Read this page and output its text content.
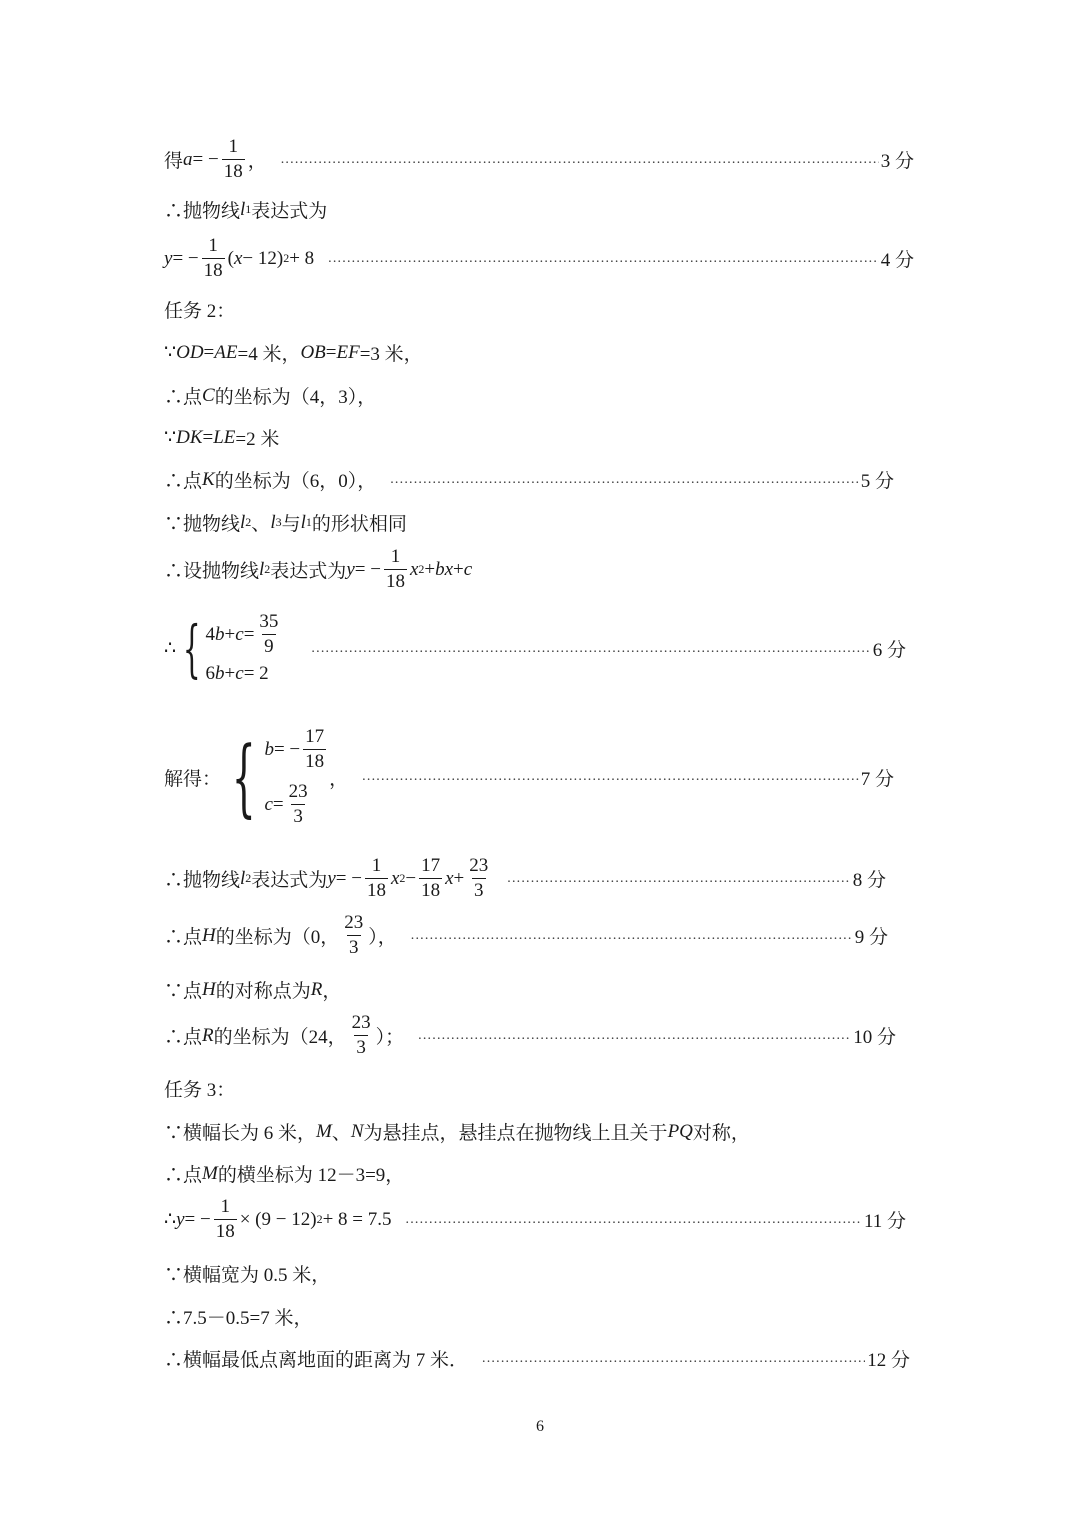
得 a = − $\frac{1}{18}$ ， .....	3 分
∴抛物线 l 1 表达式为
y = − $\frac{1}{18}$ ( x − 12) 2 + 8 .....	4 分
任务 2：
∵ OD = AE =4 米， OB = EF =3 米，
∴点 C 的坐标为（4，3），
∵ DK = LE =2 米
∴点 K 的坐标为（6，0）， .....	5 分
∵抛物线 l 2 、 l 3 与 l 1 的形状相同
∴设抛物线 l 2 表达式为 y = − $\frac{1}{18}$ x 2 + bx + c
∴ { 4 $b + c = \frac{35}{9}$
6 b + c = 2
.....
6 分
解得： { b = − $\frac{17}{18}$
$c = \frac{23}{3}$
， .....	7 分
∴抛物线 l 2 表达式为 y = − $\frac{1}{18}$ x $2 - \frac{17}{18}$ $x + \frac{23}{3}$ .....	8 分
∴点 H 的坐标为（0， $\frac{23}{3}$ ）， .....	9 分
∵点 H 的对称点为 R ，
∴点 R 的坐标为（24， $\frac{23}{3}$ ）； .....	10 分
任务 3：
∵横幅长为 6 米， M 、 N 为悬挂点，悬挂点在抛物线上且关于 PQ 对称，
∴点 M 的横坐标为 12－3=9，
∴ y = − $\frac{1}{18} \times (9 - 12) 2 + 8 = 7.5$ .....	11 分
∵横幅宽为 0.5 米，
∴7.5－0.5=7 米，
∴横幅最低点离地面的距离为 7 米． .....	12 分
6
